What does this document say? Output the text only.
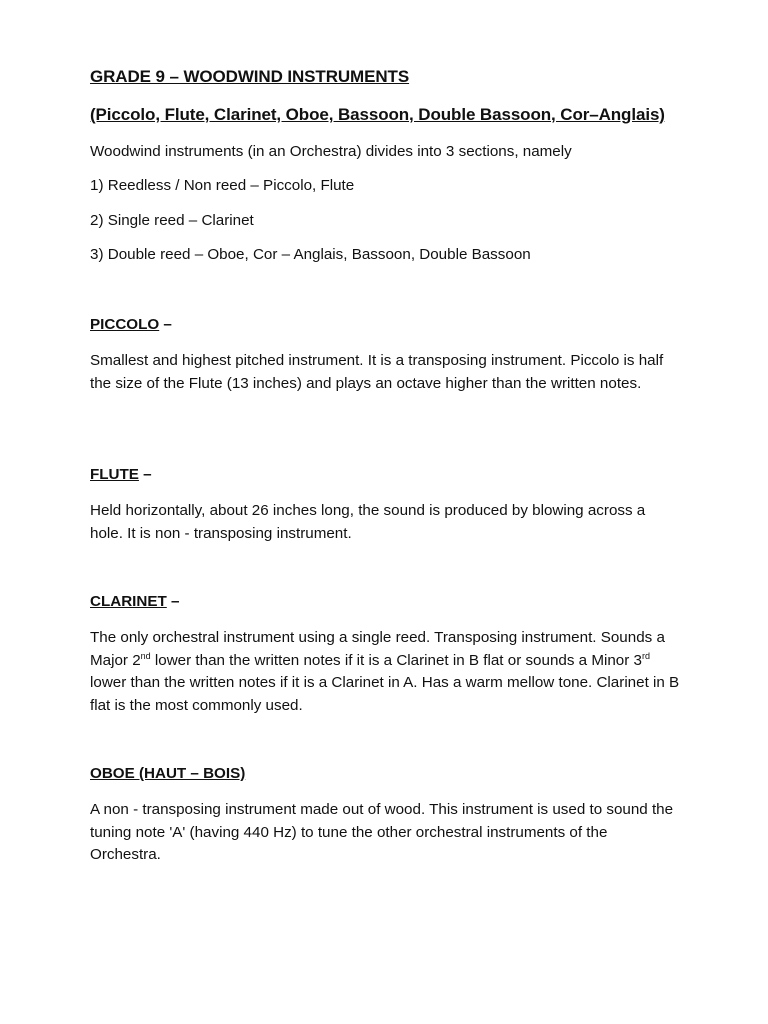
GRADE 9 – WOODWIND INSTRUMENTS
(Piccolo, Flute, Clarinet, Oboe, Bassoon, Double Bassoon, Cor–Anglais)
Woodwind instruments (in an Orchestra) divides into 3 sections, namely
1) Reedless / Non reed – Piccolo, Flute
2) Single reed – Clarinet
3) Double reed – Oboe, Cor – Anglais, Bassoon, Double Bassoon
PICCOLO –
Smallest and highest pitched instrument. It is a transposing instrument. Piccolo is half the size of the Flute (13 inches) and plays an octave higher than the written notes.
FLUTE –
Held horizontally, about 26 inches long, the sound is produced by blowing across a hole. It is non - transposing instrument.
CLARINET –
The only orchestral instrument using a single reed. Transposing instrument. Sounds a Major 2nd lower than the written notes if it is a Clarinet in B flat or sounds a Minor 3rd lower than the written notes if it is a Clarinet in A. Has a warm mellow tone. Clarinet in B flat is the most commonly used.
OBOE (HAUT – BOIS)
A non - transposing instrument made out of wood. This instrument is used to sound the tuning note 'A' (having 440 Hz) to tune the other orchestral instruments of the Orchestra.
